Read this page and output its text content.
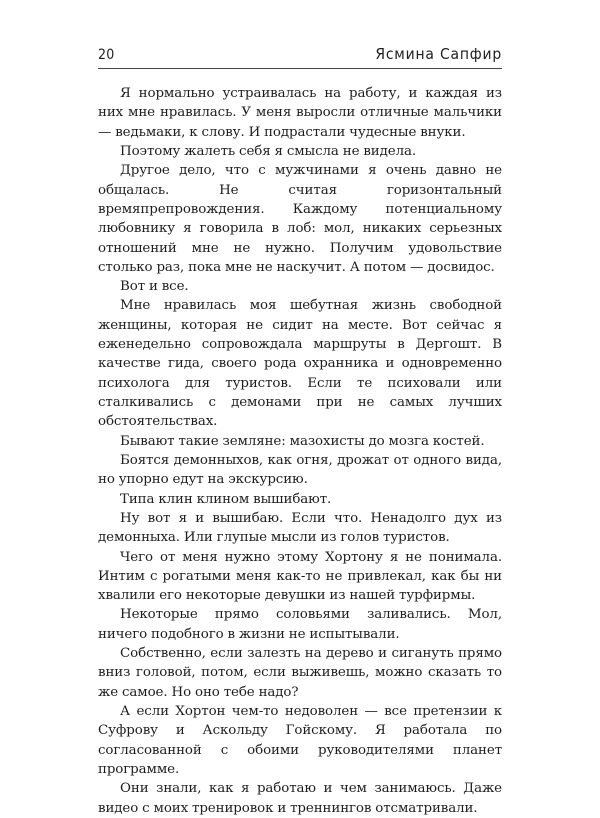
20	Ясмина Сапфир

Я нормально устраивалась на работу, и каждая из них мне нравилась. У меня выросли отличные мальчики — ведьмаки, к слову. И подрастали чудесные внуки.

Поэтому жалеть себя я смысла не видела.

Другое дело, что с мужчинами я очень давно не общалась. Не считая горизонтальный времяпрепровождения. Каждому потенциальному любовнику я говорила в лоб: мол, никаких серьезных отношений мне не нужно. Получим удовольствие столько раз, пока мне не наскучит. А потом — досвидос.

Вот и все.

Мне нравилась моя шебутная жизнь свободной женщины, которая не сидит на месте. Вот сейчас я еженедельно сопровождала маршруты в Дергошт. В качестве гида, своего рода охранника и одновременно психолога для туристов. Если те психовали или сталкивались с демонами при не самых лучших обстоятельствах.

Бывают такие земляне: мазохисты до мозга костей.

Боятся демонныхов, как огня, дрожат от одного вида, но упорно едут на экскурсию.

Типа клин клином вышибают.

Ну вот я и вышибаю. Если что. Ненадолго дух из демонныха. Или глупые мысли из голов туристов.

Чего от меня нужно этому Хортону я не понимала. Интим с рогатыми меня как-то не привлекал, как бы ни хвалили его некоторые девушки из нашей турфирмы.

Некоторые прямо соловьями заливались. Мол, ничего подобного в жизни не испытывали.

Собственно, если залезть на дерево и сигануть прямо вниз головой, потом, если выживешь, можно сказать то же самое. Но оно тебе надо?

А если Хортон чем-то недоволен — все претензии к Суфрову и Аскольду Гойскому. Я работала по согласованной с обоими руководителями планет программе.

Они знали, как я работаю и чем занимаюсь. Даже видео с моих тренировок и треннингов отсматривали.
